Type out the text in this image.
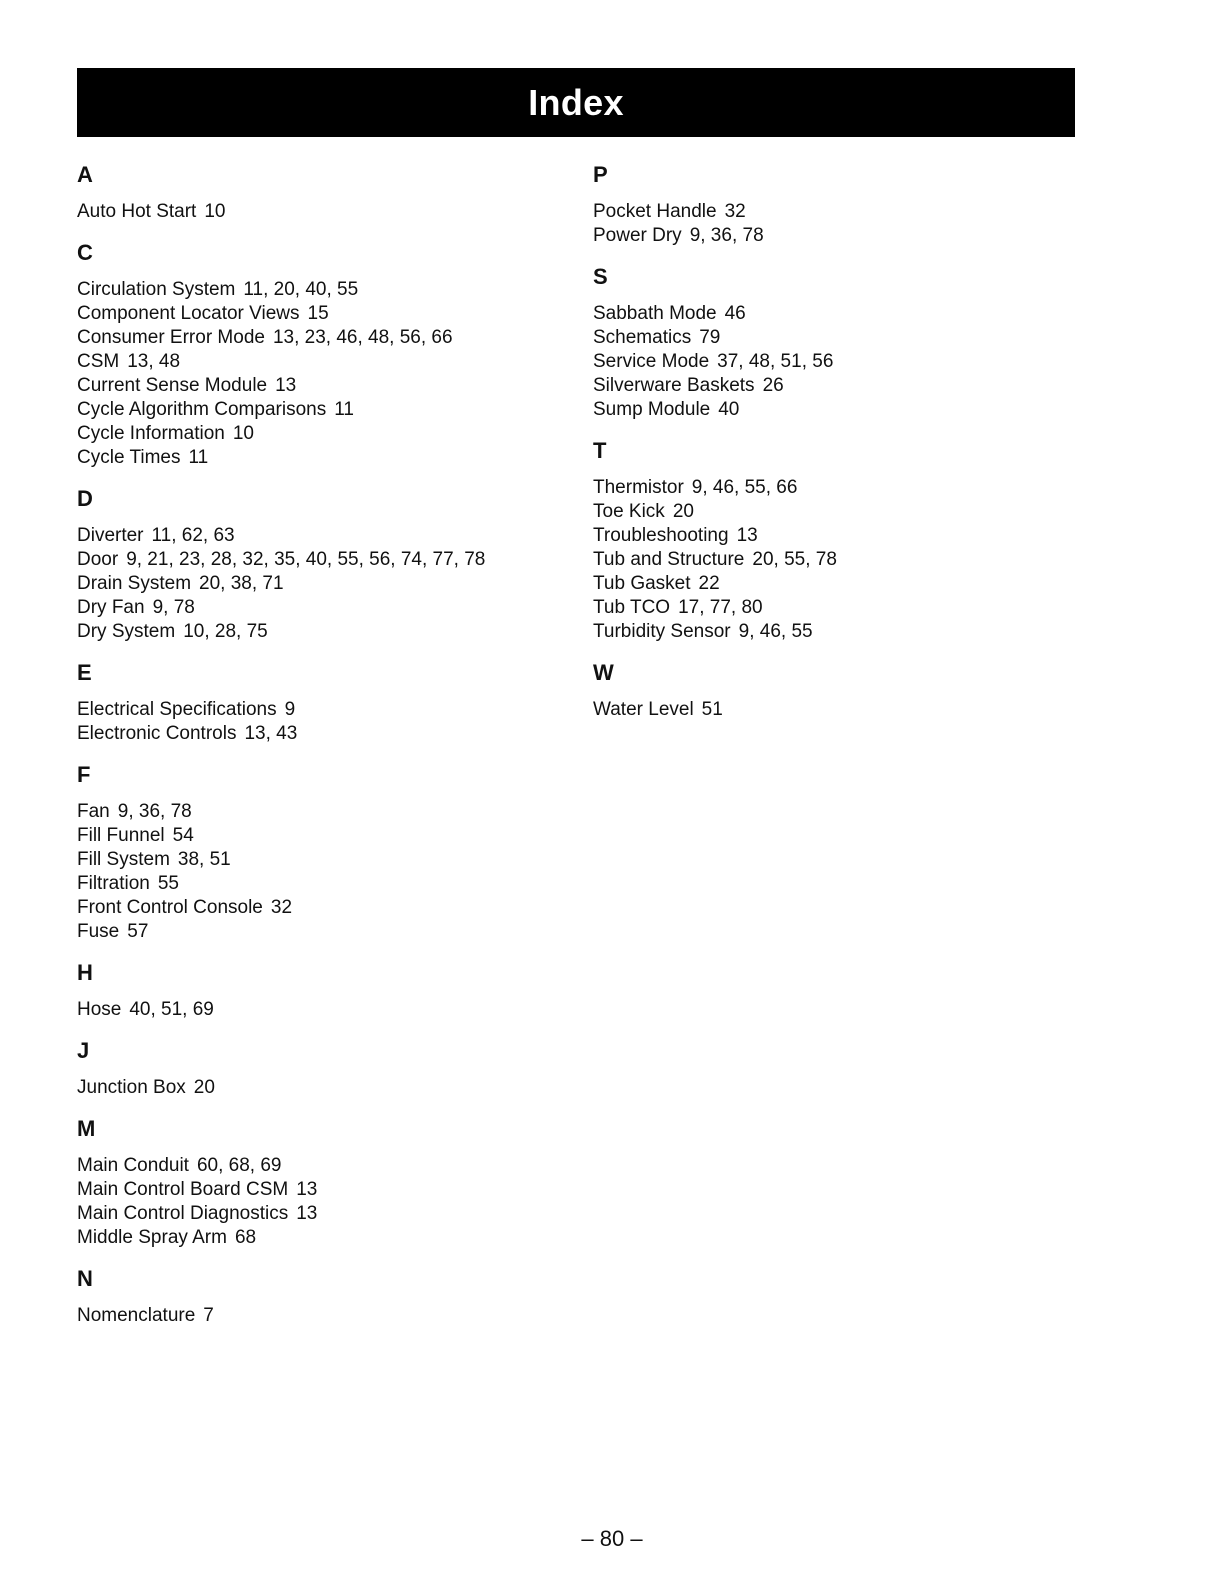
Index
A
Auto Hot Start 10
C
Circulation System 11, 20, 40, 55
Component Locator Views 15
Consumer Error Mode 13, 23, 46, 48, 56, 66
CSM 13, 48
Current Sense Module 13
Cycle Algorithm Comparisons 11
Cycle Information 10
Cycle Times 11
D
Diverter 11, 62, 63
Door 9, 21, 23, 28, 32, 35, 40, 55, 56, 74, 77, 78
Drain System 20, 38, 71
Dry Fan 9, 78
Dry System 10, 28, 75
E
Electrical Specifications 9
Electronic Controls 13, 43
F
Fan 9, 36, 78
Fill Funnel 54
Fill System 38, 51
Filtration 55
Front Control Console 32
Fuse 57
H
Hose 40, 51, 69
J
Junction Box 20
M
Main Conduit 60, 68, 69
Main Control Board CSM 13
Main Control Diagnostics 13
Middle Spray Arm 68
N
Nomenclature 7
P
Pocket Handle 32
Power Dry 9, 36, 78
S
Sabbath Mode 46
Schematics 79
Service Mode 37, 48, 51, 56
Silverware Baskets 26
Sump Module 40
T
Thermistor 9, 46, 55, 66
Toe Kick 20
Troubleshooting 13
Tub and Structure 20, 55, 78
Tub Gasket 22
Tub TCO 17, 77, 80
Turbidity Sensor 9, 46, 55
W
Water Level 51
– 80 –
